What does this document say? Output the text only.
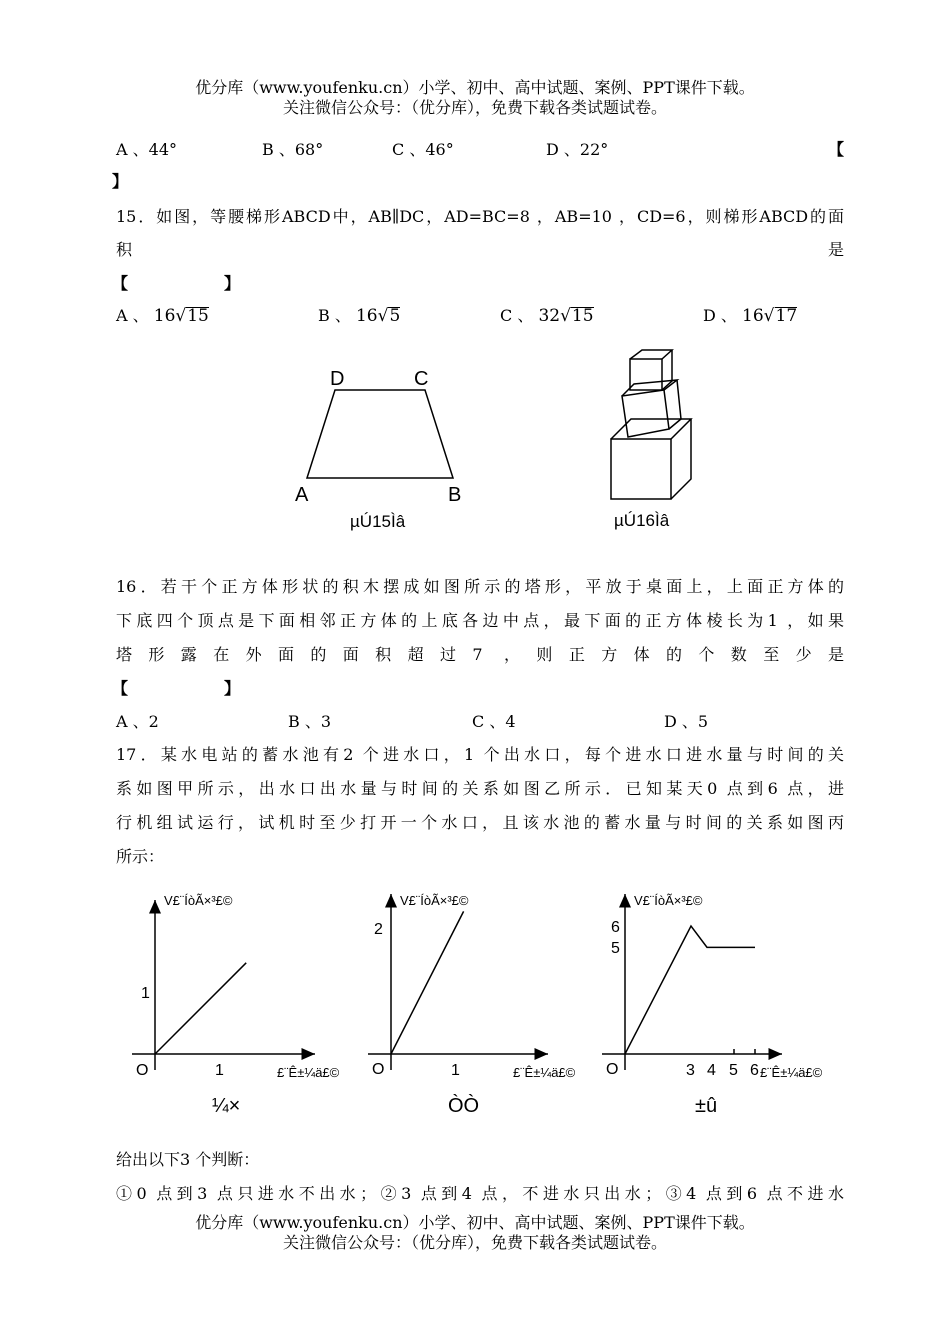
优分库（www.youfenku.cn）小学、初中、高中试题、案例、PPT课件下载。
关注微信公众号：（优分库），免费下载各类试题试卷。
A 、44°	B 、68°	C 、46°	D 、22°	【
】
15．如图，等腰梯形ABCD中，AB∥DC，AD=BC=8 ，AB=10 ，CD=6，则梯形ABCD的面
积	是
【　　　　　　】
A 、 16√15	B 、 16√5	C 、 32√15	D 、 16√17
D	C
A	B
µÚ15Ìâ	µÚ16Ìâ
16．若干个正方体形状的积木摆成如图所示的塔形，平放于桌面上，上面正方体的
下底四个顶点是下面相邻正方体的上底各边中点，最下面的正方体棱长为1 ，如果
塔形露在外面的面积超过7 ，则正方体的个数至少是
【　　　　　　】
A 、2	B 、3	C 、4	D 、5
17．某水电站的蓄水池有2 个进水口，1 个出水口，每个进水口进水量与时间的关
系如图甲所示，出水口出水量与时间的关系如图乙所示．已知某天0 点到6 点，进
行机组试运行，试机时至少打开一个水口，且该水池的蓄水量与时间的关系如图丙
所示：
V£¨ÍòÃ×³£©
£¨Ê±¼ä£©
O	1
1
¼×
V£¨ÍòÃ×³£©
£¨Ê±¼ä£©
O	1
2
ÒÒ
V£¨ÍòÃ×³£©
£¨Ê±¼ä£©
O	3 4 5 6
6
5
±û
给出以下3 个判断：
①0 点到3 点只进水不出水；②3 点到4 点，不进水只出水；③4 点到6 点不进水
优分库（www.youfenku.cn）小学、初中、高中试题、案例、PPT课件下载。
关注微信公众号：（优分库），免费下载各类试题试卷。
